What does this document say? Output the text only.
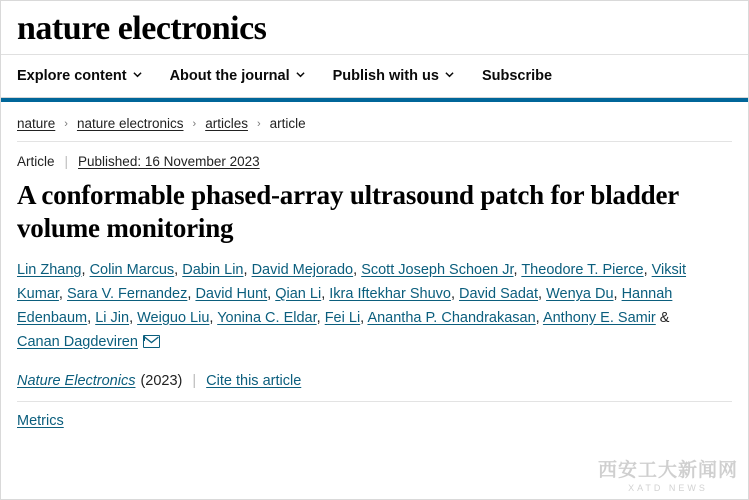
nature electronics
Explore content	About the journal	Publish with us	Subscribe
nature › nature electronics › articles › article
Article | Published: 16 November 2023
A conformable phased-array ultrasound patch for bladder volume monitoring
Lin Zhang, Colin Marcus, Dabin Lin, David Mejorado, Scott Joseph Schoen Jr, Theodore T. Pierce, Viksit Kumar, Sara V. Fernandez, David Hunt, Qian Li, Ikra Iftekhar Shuvo, David Sadat, Wenya Du, Hannah Edenbaum, Li Jin, Weiguo Liu, Yonina C. Eldar, Fei Li, Anantha P. Chandrakasan, Anthony E. Samir & Canan Dagdeviren
Nature Electronics (2023) | Cite this article
Metrics
西安工大新闻网
XATD NEWS
